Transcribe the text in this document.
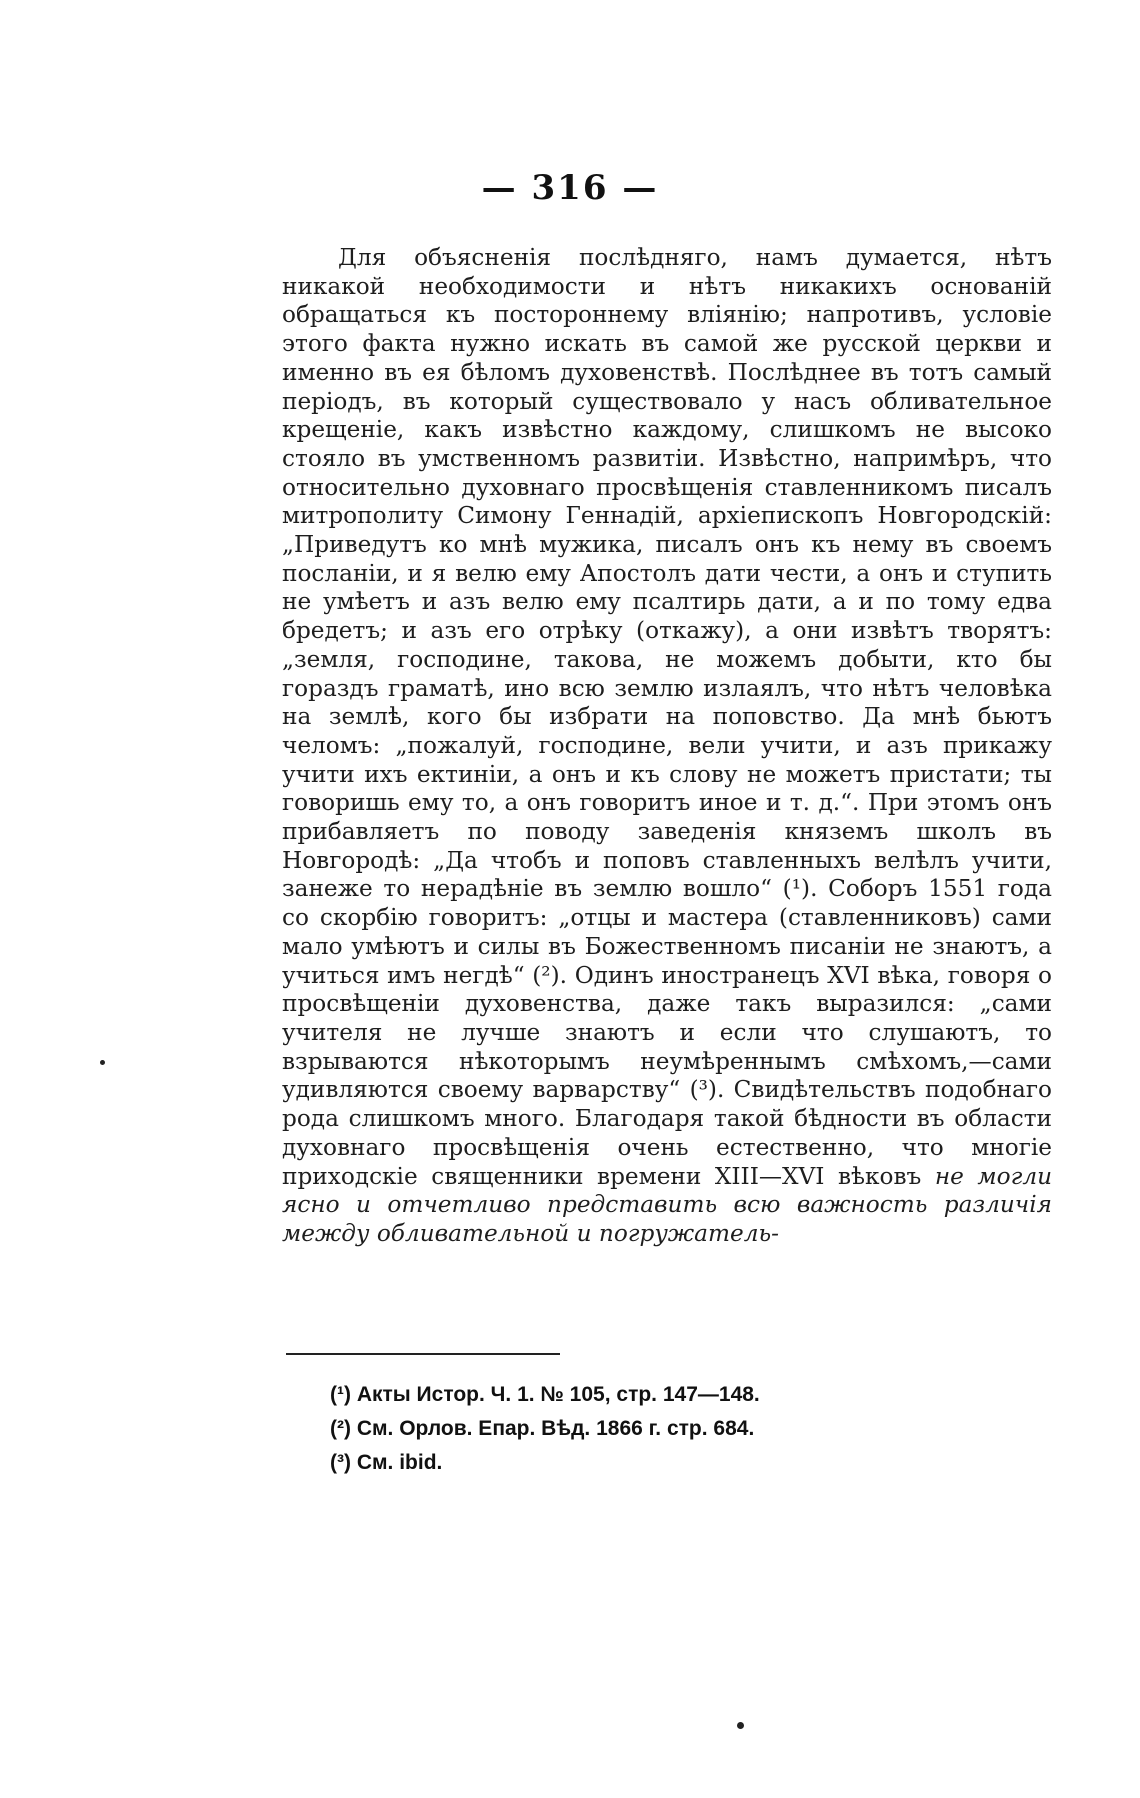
— 316 —

Для объясненія послѣдняго, намъ думается, нѣтъ никакой необходимости и нѣтъ никакихъ основаній обращаться къ постороннему вліянію; напротивъ, условіе этого факта нужно искать въ самой же русской церкви и именно въ ея бѣломъ духовенствѣ. Послѣднее въ тотъ самый періодъ, въ который существовало у насъ обливательное крещеніе, какъ извѣстно каждому, слишкомъ не высоко стояло въ умственномъ развитіи. Извѣстно, напримѣръ, что относительно духовнаго просвѣщенія ставленникомъ писалъ митрополиту Симону Геннадій, архіепископъ Новгородскій: „Приведутъ ко мнѣ мужика, писалъ онъ къ нему въ своемъ посланіи, и я велю ему Апостолъ дати чести, а онъ и ступить не умѣетъ и азъ велю ему псалтирь дати, а и по тому едва бредетъ; и азъ его отрѣку (откажу), а они извѣтъ творятъ: „земля, господине, такова, не можемъ добыти, кто бы гораздъ граматѣ, ино всю землю излаялъ, что нѣтъ человѣка на землѣ, кого бы избрати на поповство. Да мнѣ бьютъ челомъ: „пожалуй, господине, вели учити, и азъ прикажу учити ихъ ектиніи, а онъ и къ слову не можетъ пристати; ты говоришь ему то, а онъ говоритъ иное и т. д.“. При этомъ онъ прибавляетъ по поводу заведенія княземъ школъ въ Новгородѣ: „Да чтобъ и поповъ ставленныхъ велѣлъ учити, занеже то нерадѣніе въ землю вошло“ (¹). Соборъ 1551 года со скорбію говоритъ: „отцы и мастера (ставленниковъ) сами мало умѣютъ и силы въ Божественномъ писаніи не знаютъ, а учиться имъ негдѣ“ (²). Одинъ иностранецъ XVI вѣка, говоря о просвѣщеніи духовенства, даже такъ выразился: „сами учителя не лучше знаютъ и если что слушаютъ, то взрываются нѣкоторымъ неумѣреннымъ смѣхомъ,—сами удивляются своему варварству“ (³). Свидѣтельствъ подобнаго рода слишкомъ много. Благодаря такой бѣдности въ области духовнаго просвѣщенія очень естественно, что многіе приходскіе священники времени XIII—XVI вѣковъ не могли ясно и отчетливо представить всю важность различія между обливательной и погружатель-

(¹) Акты Истор. Ч. 1. № 105, стр. 147—148.
(²) См. Орлов. Епар. Вѣд. 1866 г. стр. 684.
(³) См. ibid.
